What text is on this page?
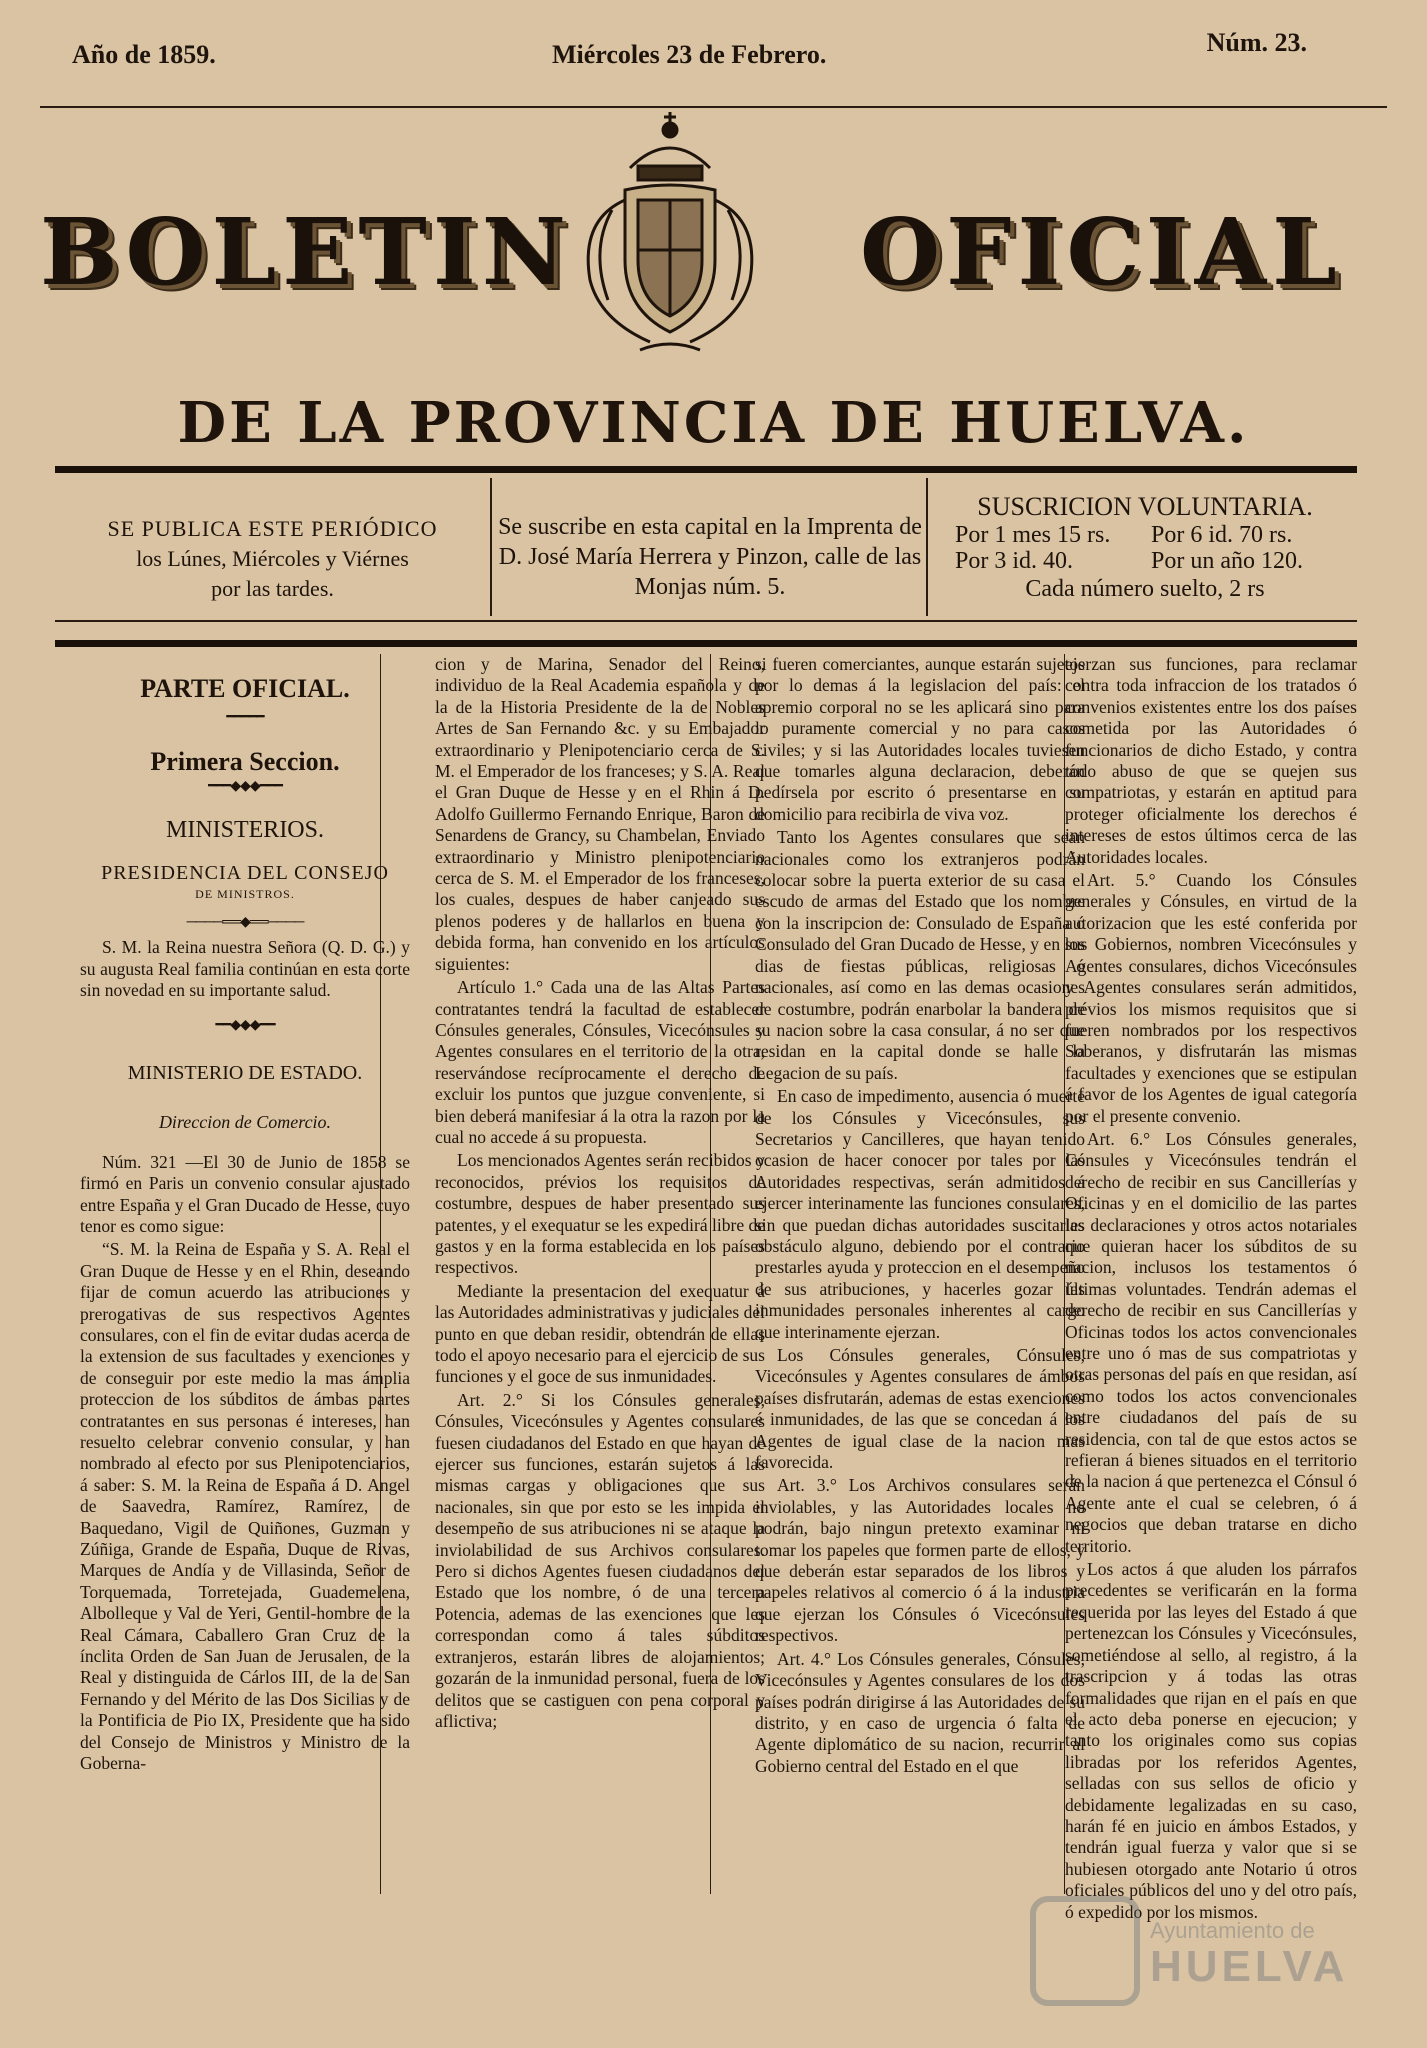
Año de 1859.	Miércoles 23 de Febrero.	Núm. 23.
BOLETIN	OFICIAL
DE LA PROVINCIA DE HUELVA.
SE PUBLICA ESTE PERIÓDICO
los Lúnes, Miércoles y Viérnes
por las tardes.
Se suscribe en esta capital en la Imprenta de D. José María Herrera y Pinzon, calle de las Monjas núm. 5.
SUSCRICION VOLUNTARIA.
Por 1 mes 15 rs.	Por 6 id. 70 rs.
Por 3 id. 40.	Por un año 120.
Cada número suelto, 2 rs
PARTE OFICIAL.
━━━━━
Primera Seccion.
━━━◆◆◆━━━
MINISTERIOS.
PRESIDENCIA DEL CONSEJO
DE MINISTROS.
────══◆══────

S. M. la Reina nuestra Señora (Q. D. G.) y su augusta Real familia continúan en esta corte sin novedad en su importante salud.

━━◆◆◆━━
MINISTERIO DE ESTADO.
Direccion de Comercio.

Núm. 321 —El 30 de Junio de 1858 se firmó en Paris un convenio consular ajustado entre España y el Gran Ducado de Hesse, cuyo tenor es como sigue:

“S. M. la Reina de España y S. A. Real el Gran Duque de Hesse y en el Rhin, deseando fijar de comun acuerdo las atribuciones y prerogativas de sus respectivos Agentes consulares, con el fin de evitar dudas acerca de la extension de sus facultades y exenciones y de conseguir por este medio la mas ámplia proteccion de los súbditos de ámbas partes contratantes en sus personas é intereses, han resuelto celebrar convenio consular, y han nombrado al efecto por sus Plenipotenciarios, á saber: S. M. la Reina de España á D. Angel de Saavedra, Ramírez, Ramírez, de Baquedano, Vigil de Quiñones, Guzman y Zúñiga, Grande de España, Duque de Rivas, Marques de Andía y de Villasinda, Señor de Torquemada, Torretejada, Guademelena, Albolleque y Val de Yeri, Gentil-hombre de la Real Cámara, Caballero Gran Cruz de la ínclita Orden de San Juan de Jerusalen, de la Real y distinguida de Cárlos III, de la de San Fernando y del Mérito de las Dos Sicilias y de la Pontificia de Pio IX, Presidente que ha sido del Consejo de Ministros y Ministro de la Goberna-

cion y de Marina, Senador del Reino, individuo de la Real Academia española y de la de la Historia Presidente de la de Nobles Artes de San Fernando &c. y su Embajador extraordinario y Plenipotenciario cerca de S. M. el Emperador de los franceses; y S. A. Real el Gran Duque de Hesse y en el Rhin á D. Adolfo Guillermo Fernando Enrique, Baron de Senardens de Grancy, su Chambelan, Enviado extraordinario y Ministro plenipotenciario cerca de S. M. el Emperador de los franceses, los cuales, despues de haber canjeado sus plenos poderes y de hallarlos en buena y debida forma, han convenido en los artículos siguientes:

Artículo 1.° Cada una de las Altas Partes contratantes tendrá la facultad de establecer Cónsules generales, Cónsules, Vicecónsules y Agentes consulares en el territorio de la otra, reservándose recíprocamente el derecho de excluir los puntos que juzgue conveniente, si bien deberá manifesiar á la otra la razon por la cual no accede á su propuesta.

Los mencionados Agentes serán recibidos y reconocidos, prévios los requisitos de costumbre, despues de haber presentado sus patentes, y el exequatur se les expedirá libre de gastos y en la forma establecida en los países respectivos.

Mediante la presentacion del exequatur á las Autoridades administrativas y judiciales del punto en que deban residir, obtendrán de ellas todo el apoyo necesario para el ejercicio de sus funciones y el goce de sus inmunidades.

Art. 2.° Si los Cónsules generales, Cónsules, Vicecónsules y Agentes consulares fuesen ciudadanos del Estado en que hayan de ejercer sus funciones, estarán sujetos á las mismas cargas y obligaciones que sus nacionales, sin que por esto se les impida el desempeño de sus atribuciones ni se ataque la inviolabilidad de sus Archivos consulares. Pero si dichos Agentes fuesen ciudadanos del Estado que los nombre, ó de una tercera Potencia, ademas de las exenciones que les correspondan como á tales súbditos extranjeros, estarán libres de alojamientos; gozarán de la inmunidad personal, fuera de los delitos que se castiguen con pena corporal y aflictiva;

si fueren comerciantes, aunque estarán sujetos por lo demas á la legislacion del país: el apremio corporal no se les aplicará sino para lo puramente comercial y no para casos civiles; y si las Autoridades locales tuviesen que tomarles alguna declaracion, deberán pedírsela por escrito ó presentarse en su domicilio para recibirla de viva voz.

Tanto los Agentes consulares que sean nacionales como los extranjeros podrán colocar sobre la puerta exterior de su casa el escudo de armas del Estado que los nombre con la inscripcion de: Consulado de España ó Consulado del Gran Ducado de Hesse, y en los dias de fiestas públicas, religiosas ó nacionales, así como en las demas ocasiones de costumbre, podrán enarbolar la bandera de su nacion sobre la casa consular, á no ser que residan en la capital donde se halle la Legacion de su país.

En caso de impedimento, ausencia ó muerte de los Cónsules y Vicecónsules, sus Secretarios y Cancilleres, que hayan tenido ocasion de hacer conocer por tales por las Autoridades respectivas, serán admitidos á ejercer interinamente las funciones consulares, sin que puedan dichas autoridades suscitarles obstáculo alguno, debiendo por el contrario prestarles ayuda y proteccion en el desempeño de sus atribuciones, y hacerles gozar las inmunidades personales inherentes al cargo que interinamente ejerzan.

Los Cónsules generales, Cónsules, Vicecónsules y Agentes consulares de ámbos países disfrutarán, ademas de estas exenciones é inmunidades, de las que se concedan á los Agentes de igual clase de la nacion mas favorecida.

Art. 3.° Los Archivos consulares serán inviolables, y las Autoridades locales no podrán, bajo ningun pretexto examinar ni tomar los papeles que formen parte de ellos, y que deberán estar separados de los libros y papeles relativos al comercio ó á la industria que ejerzan los Cónsules ó Vicecónsules respectivos.

Art. 4.° Los Cónsules generales, Cónsules, Vicecónsules y Agentes consulares de los dos países podrán dirigirse á las Autoridades de su distrito, y en caso de urgencia ó falta de Agente diplomático de su nacion, recurrir al Gobierno central del Estado en el que

ejerzan sus funciones, para reclamar contra toda infraccion de los tratados ó convenios existentes entre los dos países cometida por las Autoridades ó funcionarios de dicho Estado, y contra todo abuso de que se quejen sus compatriotas, y estarán en aptitud para proteger oficialmente los derechos é intereses de estos últimos cerca de las Autoridades locales.

Art. 5.° Cuando los Cónsules generales y Cónsules, en virtud de la autorizacion que les esté conferida por sus Gobiernos, nombren Vicecónsules y Agentes consulares, dichos Vicecónsules y Agentes consulares serán admitidos, prévios los mismos requisitos que si fueren nombrados por los respectivos Soberanos, y disfrutarán las mismas facultades y exenciones que se estipulan á favor de los Agentes de igual categoría por el presente convenio.

Art. 6.° Los Cónsules generales, Cónsules y Vicecónsules tendrán el derecho de recibir en sus Cancillerías y Oficinas y en el domicilio de las partes las declaraciones y otros actos notariales que quieran hacer los súbditos de su nacion, inclusos los testamentos ó últimas voluntades. Tendrán ademas el derecho de recibir en sus Cancillerías y Oficinas todos los actos convencionales entre uno ó mas de sus compatriotas y otras personas del país en que residan, así como todos los actos convencionales entre ciudadanos del país de su residencia, con tal de que estos actos se refieran á bienes situados en el territorio de la nacion á que pertenezca el Cónsul ó Agente ante el cual se celebren, ó á negocios que deban tratarse en dicho territorio.

Los actos á que aluden los párrafos precedentes se verificarán en la forma requerida por las leyes del Estado á que pertenezcan los Cónsules y Vicecónsules, sometiéndose al sello, al registro, á la trascripcion y á todas las otras formalidades que rijan en el país en que el acto deba ponerse en ejecucion; y tanto los originales como sus copias libradas por los referidos Agentes, selladas con sus sellos de oficio y debidamente legalizadas en su caso, harán fé en juicio en ámbos Estados, y tendrán igual fuerza y valor que si se hubiesen otorgado ante Notario ú otros oficiales públicos del uno y del otro país, ó expedido por los mismos.

Ayuntamiento de
HUELVA
